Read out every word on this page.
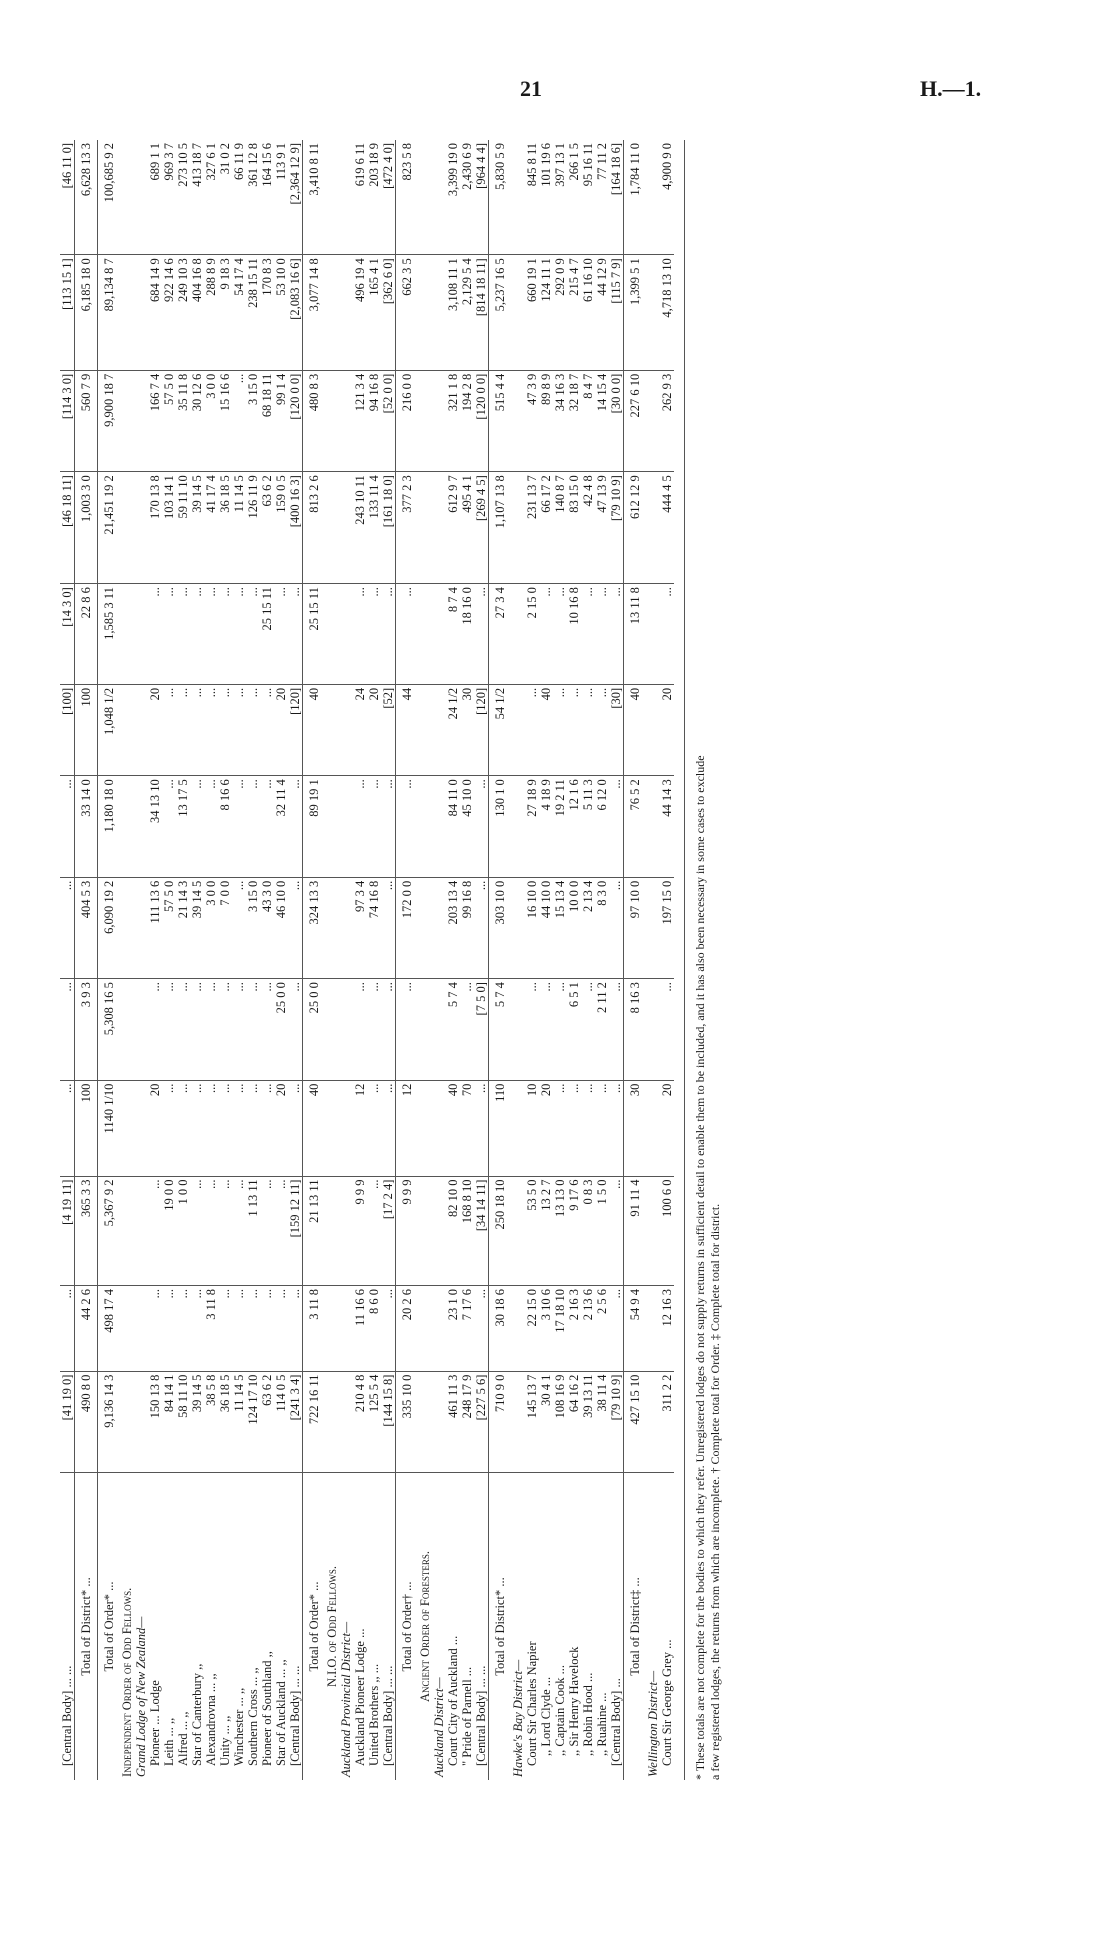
21	H.—1.
[Central Body] ... ...	[41 19 0]	...	[4 19 11]	...	...	...	...	[100]	[14 3 0]	[46 18 11]	[114 3 0]	[113 15 1]	[46 11 0]
Total of District* ...	490 8 0	44 2 6	365 3 3	100	3 9 3	404 5 3	33 14 0	100	22 8 6	1,003 3 0	560 7 9	6,185 18 0	6,628 13 3
Total of Order* ...	9,136 14 3	498 17 4	5,367 9 2	1140 1/10	5,308 16 5	6,090 19 2	1,180 18 0	1,048 1/2	1,585 3 11	21,451 19 2	9,900 18 7	89,134 8 7	100,685 9 2
Independent Order of Odd Fellows.													
Grand Lodge of New Zealand—													
Pioneer ... Lodge	150 13 8	...	...	20	...	111 13 6	34 13 10	20	...	170 13 8	166 7 4	684 14 9	689 1 1
Leith ... ,,	84 14 1	...	19 0 0	...	...	57 5 0	...	...	...	103 14 1	57 5 0	922 14 6	969 3 7
Alfred ... ,,	58 11 10	...	1 0 0	...	...	21 14 3	13 17 5	...	...	59 11 10	35 11 8	249 10 3	273 10 5
Star of Canterbury ,,	39 14 5	...	...	...	...	39 14 5	...	...	...	39 14 5	30 12 6	404 16 8	413 18 7
Alexandrovna ... ,,	38 5 8	3 11 8	...	...	...	3 0 0	...	...	...	41 17 4	3 0 0	288 8 9	327 6 1
Unity ... ,,	36 18 5	...	...	...	...	7 0 0	8 16 6	...	...	36 18 5	15 16 6	9 18 3	31 0 2
Winchester ... ,,	11 14 5	...	...	...	...	...	...	...	...	11 14 5	...	54 17 4	66 11 9
Southern Cross ... ,,	124 17 10	...	1 13 11	...	...	3 15 0	...	...	...	126 11 9	3 15 0	238 15 11	361 12 8
Pioneer of Southland ,,	63 6 2	...	...	...	...	43 3 0	...	...	25 15 11	63 6 2	68 18 11	170 8 3	164 15 6
Star of Auckland ... ,,	114 0 5	...	...	20	25 0 0	46 10 0	32 11 4	20	...	159 0 5	99 1 4	53 10 0	113 9 1
[Central Body] ... ...	[241 3 4]	...	[159 12 11]	...	...	...	...	[120]	...	[400 16 3]	[120 0 0]	[2,083 16 6]	[2,364 12 9]
Total of Order* ...	722 16 11	3 11 8	21 13 11	40	25 0 0	324 13 3	89 19 1	40	25 15 11	813 2 6	480 8 3	3,077 14 8	3,410 8 11
N.I.O. of Odd Fellows.													
Auckland Provincial District—													
Auckland Pioneer Lodge ...	210 4 8	11 16 6	9 9 9	12	...	97 3 4	...	24	...	243 10 11	121 3 4	496 19 4	619 6 11
United Brothers ,, ...	125 5 4	8 6 0	...	...	...	74 16 8	...	20	...	133 11 4	94 16 8	165 4 1	203 18 9
[Central Body] ... ...	[144 15 8]	...	[17 2 4]	...	...	...	...	[52]	...	[161 18 0]	[52 0 0]	[362 6 0]	[472 4 0]
Total of Order† ...	335 10 0	20 2 6	9 9 9	12	...	172 0 0	...	44	...	377 2 3	216 0 0	662 3 5	823 5 8
Ancient Order of Foresters.													
Auckland District—													
Court City of Auckland ...	461 11 3	23 1 0	82 10 0	40	5 7 4	203 13 4	84 11 0	24 1/2	8 7 4	612 9 7	321 1 8	3,108 11 1	3,399 19 0
" Pride of Parnell ...	248 17 9	7 17 6	168 8 10	70	...	99 16 8	45 10 0	30	18 16 0	495 4 1	194 2 8	2,129 5 4	2,430 6 9
[Central Body] ... ...	[227 5 6]	...	[34 14 11]	...	[7 5 0]	...	...	[120]	...	[269 4 5]	[120 0 0]	[814 18 11]	[964 4 4]
Total of District* ...	710 9 0	30 18 6	250 18 10	110	5 7 4	303 10 0	130 1 0	54 1/2	27 3 4	1,107 13 8	515 4 4	5,237 16 5	5,830 5 9
Hawke's Bay District—													
Court Sir Charles Napier	145 13 7	22 15 0	53 5 0	10	...	16 10 0	27 18 9	...	2 15 0	231 13 7	47 3 9	660 19 1	845 8 11
,, Lord Clyde ...	30 4 1	3 10 6	13 2 7	20	...	44 10 0	4 18 9	40	...	66 17 2	89 8 9	124 11 1	101 19 6
,, Captain Cook ...	108 16 9	17 18 10	13 13 0	...	...	15 13 4	19 2 11	...	...	140 8 7	34 16 3	292 0 9	397 13 1
,, Sir Henry Havelock	64 16 2	2 16 3	9 17 6	...	6 5 1	10 0 0	12 1 6	...	10 16 8	83 15 0	32 18 7	215 4 7	266 1 5
,, Robin Hood ...	39 13 11	2 13 6	0 8 3	...	...	2 13 4	5 11 3	...	...	42 4 8	8 4 7	61 16 10	95 16 11
,, Ruahine ...	38 11 4	2 5 6	1 5 0	...	2 11 2	8 3 0	6 12 0	...	...	47 13 9	14 15 4	44 12 9	77 11 2
[Central Body] ...	[79 10 9]	...	...	...	...	...	...	[30]	...	[79 10 9]	[30 0 0]	[115 7 9]	[164 18 6]
Total of District‡ ...	427 15 10	54 9 4	91 11 4	30	8 16 3	97 10 0	76 5 2	40	13 11 8	612 12 9	227 6 10	1,399 5 1	1,784 11 0
Wellington District—													
Court Sir George Grey ...	311 2 2	12 16 3	100 6 0	20	...	197 15 0	44 14 3	20	...	444 4 5	262 9 3	4,718 13 10	4,900 9 0
* These totals are not complete for the bodies to which they refer. Unregistered lodges do not supply returns in sufficient detail to enable them to be included, and it has also been necessary in some cases to exclude a few registered lodges, the returns from which are incomplete. † Complete total for Order. ‡ Complete total for district.
